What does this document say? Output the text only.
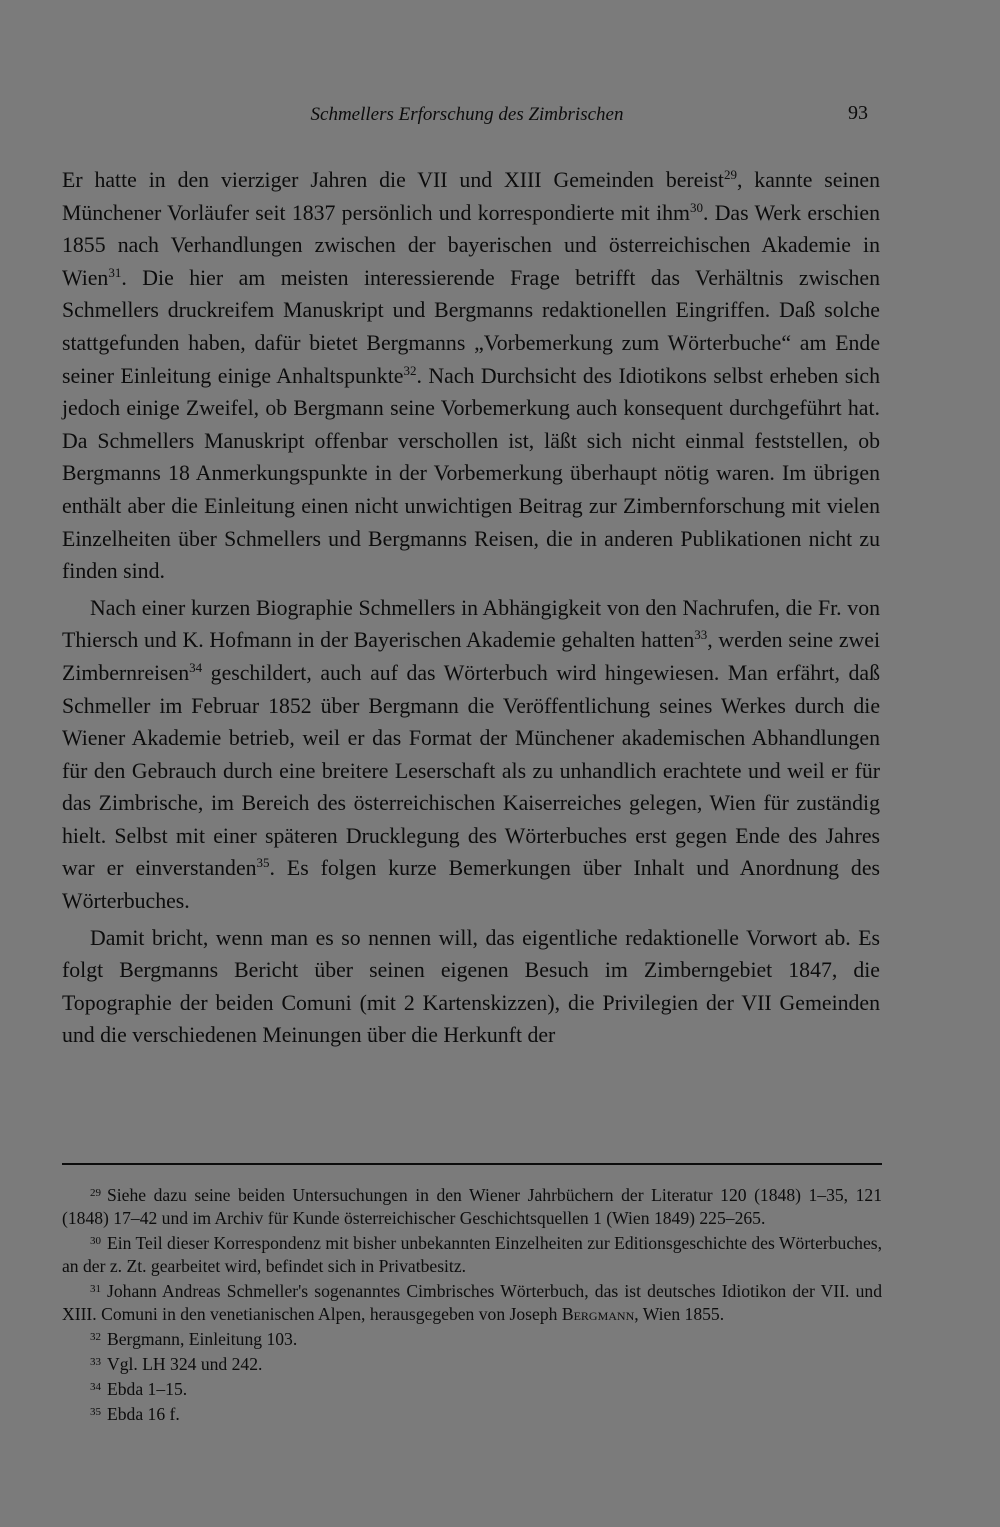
Schmellers Erforschung des Zimbrischen	93

Er hatte in den vierziger Jahren die VII und XIII Gemeinden bereist$^{29}$, kannte seinen Münchener Vorläufer seit 1837 persönlich und korrespondierte mit ihm$^{30}$. Das Werk erschien 1855 nach Verhandlungen zwischen der bayerischen und österreichischen Akademie in Wien$^{31}$. Die hier am meisten interessierende Frage betrifft das Verhältnis zwischen Schmellers druckreifem Manuskript und Bergmanns redaktionellen Eingriffen. Daß solche stattgefunden haben, dafür bietet Bergmanns „Vorbemerkung zum Wörterbuche“ am Ende seiner Einleitung einige Anhaltspunkte$^{32}$. Nach Durchsicht des Idiotikons selbst erheben sich jedoch einige Zweifel, ob Bergmann seine Vorbemerkung auch konsequent durchgeführt hat. Da Schmellers Manuskript offenbar verschollen ist, läßt sich nicht einmal feststellen, ob Bergmanns 18 Anmerkungspunkte in der Vorbemerkung überhaupt nötig waren. Im übrigen enthält aber die Einleitung einen nicht unwichtigen Beitrag zur Zimbernforschung mit vielen Einzelheiten über Schmellers und Bergmanns Reisen, die in anderen Publikationen nicht zu finden sind.

Nach einer kurzen Biographie Schmellers in Abhängigkeit von den Nachrufen, die Fr. von Thiersch und K. Hofmann in der Bayerischen Akademie gehalten hatten$^{33}$, werden seine zwei Zimbernreisen$^{34}$ geschildert, auch auf das Wörterbuch wird hingewiesen. Man erfährt, daß Schmeller im Februar 1852 über Bergmann die Veröffentlichung seines Werkes durch die Wiener Akademie betrieb, weil er das Format der Münchener akademischen Abhandlungen für den Gebrauch durch eine breitere Leserschaft als zu unhandlich erachtete und weil er für das Zimbrische, im Bereich des österreichischen Kaiserreiches gelegen, Wien für zuständig hielt. Selbst mit einer späteren Drucklegung des Wörterbuches erst gegen Ende des Jahres war er einverstanden$^{35}$. Es folgen kurze Bemerkungen über Inhalt und Anordnung des Wörterbuches.

Damit bricht, wenn man es so nennen will, das eigentliche redaktionelle Vorwort ab. Es folgt Bergmanns Bericht über seinen eigenen Besuch im Zimberngebiet 1847, die Topographie der beiden Comuni (mit 2 Kartenskizzen), die Privilegien der VII Gemeinden und die verschiedenen Meinungen über die Herkunft der

$^{29}$ Siehe dazu seine beiden Untersuchungen in den Wiener Jahrbüchern der Literatur 120 (1848) 1–35, 121 (1848) 17–42 und im Archiv für Kunde österreichischer Geschichtsquellen 1 (Wien 1849) 225–265.

$^{30}$ Ein Teil dieser Korrespondenz mit bisher unbekannten Einzelheiten zur Editionsgeschichte des Wörterbuches, an der z. Zt. gearbeitet wird, befindet sich in Privatbesitz.

$^{31}$ Johann Andreas Schmeller's sogenanntes Cimbrisches Wörterbuch, das ist deutsches Idiotikon der VII. und XIII. Comuni in den venetianischen Alpen, herausgegeben von Joseph Bergmann, Wien 1855.

$^{32}$ Bergmann, Einleitung 103.

$^{33}$ Vgl. LH 324 und 242.

$^{34}$ Ebda 1–15.

$^{35}$ Ebda 16 f.
